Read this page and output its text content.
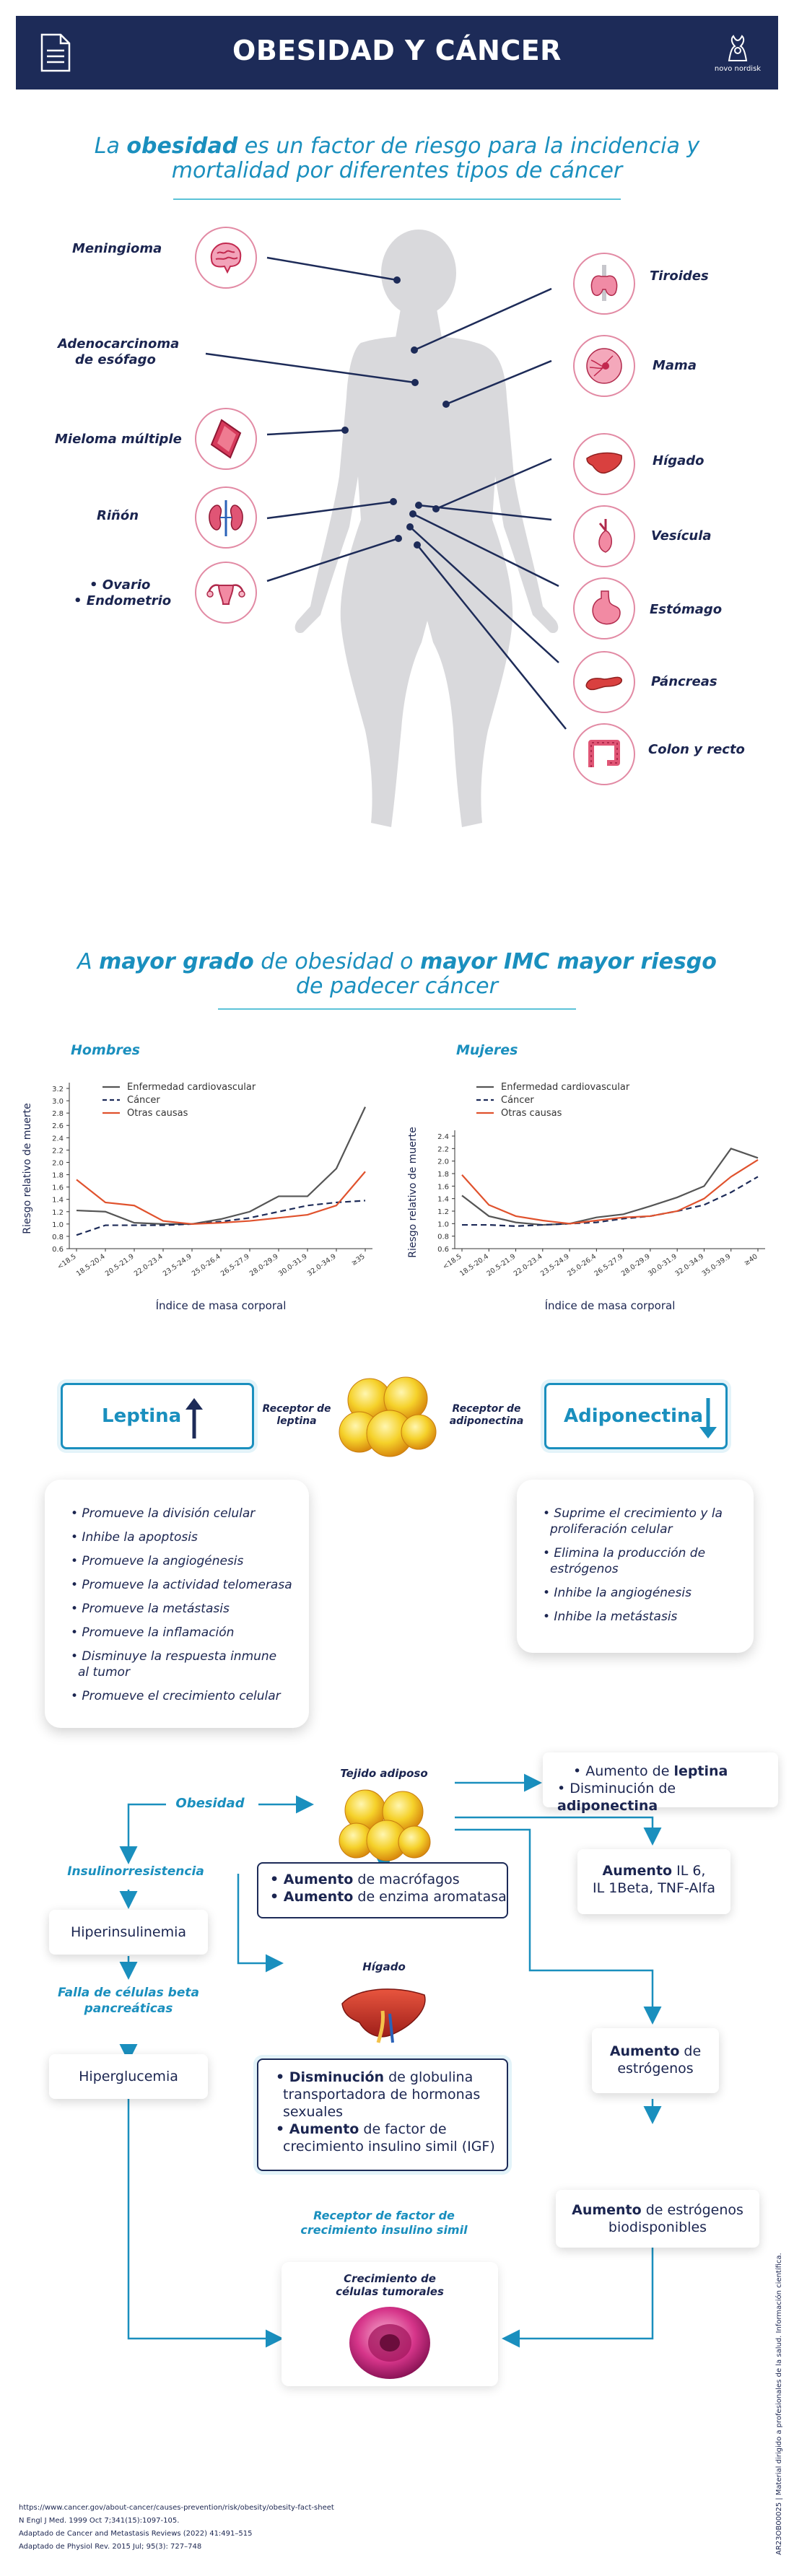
OBESIDAD Y CÁNCER
novo nordisk
La obesidad es un factor de riesgo para la incidencia y
mortalidad por diferentes tipos de cáncer
Meningioma
Adenocarcinoma
de esófago
Mieloma múltiple
Riñón
• Ovario
• Endometrio
Tiroides
Mama
Hígado
Vesícula
Estómago
Páncreas
Colon y recto
A mayor grado de obesidad o mayor IMC mayor riesgo
de padecer cáncer
Hombres	Mujeres
0.6
0.8
1.0
1.2
1.4
1.6
1.8
2.0
2.2
2.4
2.6
2.8
3.0
3.2
<18.5
18.5-20.4
20.5-21.9
22.0-23.4
23.5-24.9
25.0-26.4
26.5-27.9
28.0-29.9
30.0-31.9
32.0-34.9 ≥35
Enfermedad cardiovascular
Cáncer
Otras causas
Índice de masa corporal
Riesgo relativo de muerte
0.6
0.8
1.0
1.2
1.4
1.6
1.8
2.0
2.2
2.4
<18.5
18.5-20.4
20.5-21.9
22.0-23.4
23.5-24.9
25.0-26.4
26.5-27.9
28.0-29.9
30.0-31.9
32.0-34.9
35.0-39.9 ≥40
Enfermedad cardiovascular
Cáncer
Otras causas
Índice de masa corporal
Riesgo relativo de muerte
Leptina	Receptor de
leptina
Receptor de
adiponectina	Adiponectina
• Promueve la división celular
• Inhibe la apoptosis
• Promueve la angiogénesis
• Promueve la actividad telomerasa
• Promueve la metástasis
• Promueve la inflamación
• Disminuye la respuesta inmune
al tumor
• Promueve el crecimiento celular
• Suprime el crecimiento y la
proliferación celular
• Elimina la producción de
estrógenos
• Inhibe la angiogénesis
• Inhibe la metástasis
Obesidad
Tejido adiposo	• Aumento de leptina
• Disminución de adiponectina
Insulinorresistencia	• Aumento de macrófagos
• Aumento de enzima aromatasa
Aumento IL 6,
IL 1Beta, TNF-Alfa
Hiperinsulinemia
Hígado
Falla de células beta
pancreáticas
Hiperglucemia
Aumento de
estrógenos
• Disminución de globulina
transportadora de hormonas
sexuales
• Aumento de factor de
crecimiento insulino simil (IGF)
Aumento de estrógenos
biodisponibles
Receptor de factor de
crecimiento insulino simil
Crecimiento de
células tumorales
https://www.cancer.gov/about-cancer/causes-prevention/risk/obesity/obesity-fact-sheet
N Engl J Med. 1999 Oct 7;341(15):1097-105.
Adaptado de Cancer and Metastasis Reviews (2022) 41:491–515
Adaptado de Physiol Rev. 2015 Jul; 95(3): 727–748	AR23OB00025 | Material dirigido a profesionales de la salud. Información científica.
